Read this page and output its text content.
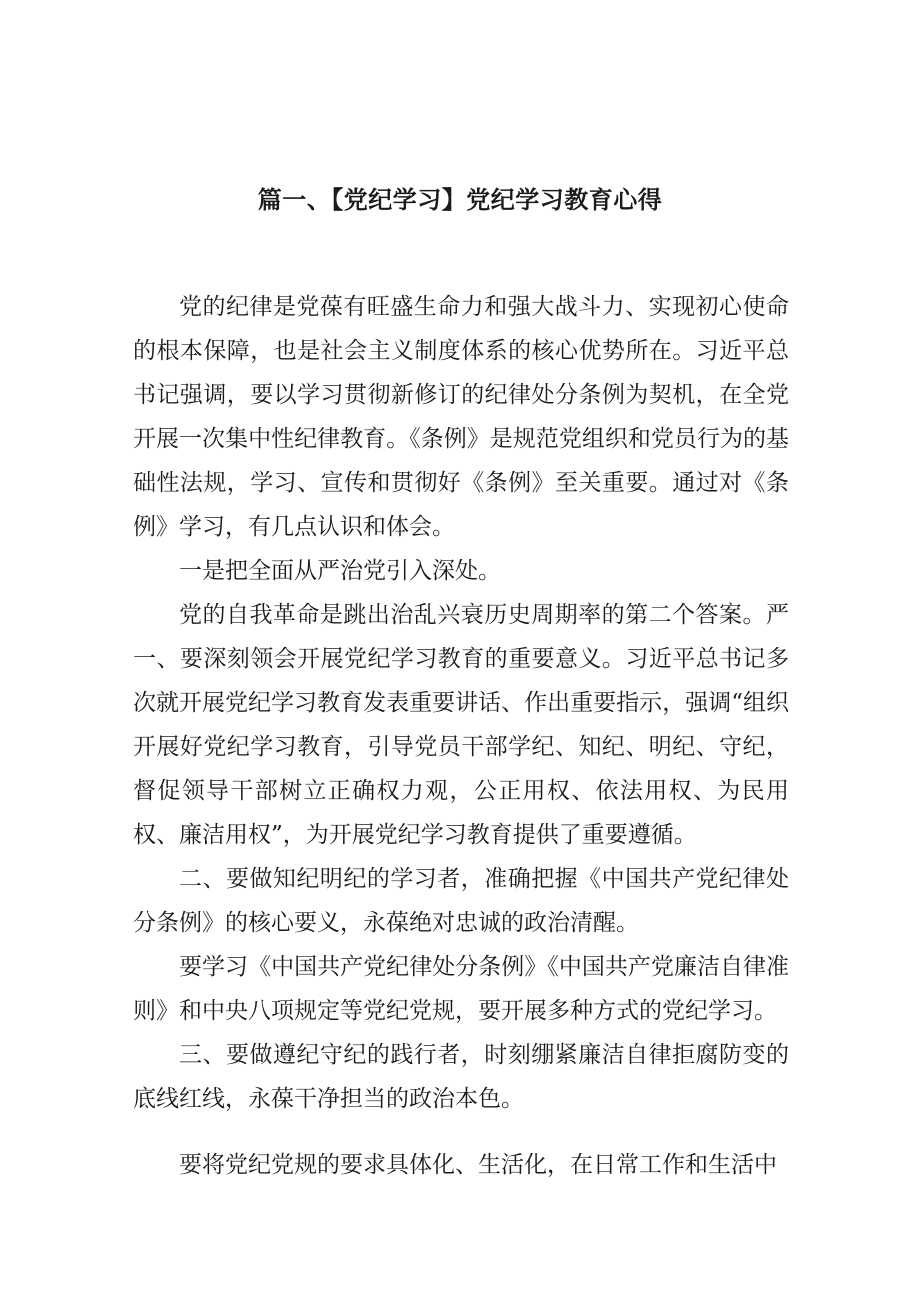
篇一、【党纪学习】党纪学习教育心得

党的纪律是党葆有旺盛生命力和强大战斗力、实现初心使命的根本保障，也是社会主义制度体系的核心优势所在。习近平总书记强调，要以学习贯彻新修订的纪律处分条例为契机，在全党开展一次集中性纪律教育。《条例》是规范党组织和党员行为的基础性法规，学习、宣传和贯彻好《条例》至关重要。通过对《条例》学习，有几点认识和体会。

一是把全面从严治党引入深处。

党的自我革命是跳出治乱兴衰历史周期率的第二个答案。严一、要深刻领会开展党纪学习教育的重要意义。习近平总书记多次就开展党纪学习教育发表重要讲话、作出重要指示，强调“组织开展好党纪学习教育，引导党员干部学纪、知纪、明纪、守纪，督促领导干部树立正确权力观，公正用权、依法用权、为民用权、廉洁用权”，为开展党纪学习教育提供了重要遵循。

二、要做知纪明纪的学习者，准确把握《中国共产党纪律处分条例》的核心要义，永葆绝对忠诚的政治清醒。

要学习《中国共产党纪律处分条例》《中国共产党廉洁自律准则》和中央八项规定等党纪党规，要开展多种方式的党纪学习。

三、要做遵纪守纪的践行者，时刻绷紧廉洁自律拒腐防变的底线红线，永葆干净担当的政治本色。

要将党纪党规的要求具体化、生活化，在日常工作和生活中
